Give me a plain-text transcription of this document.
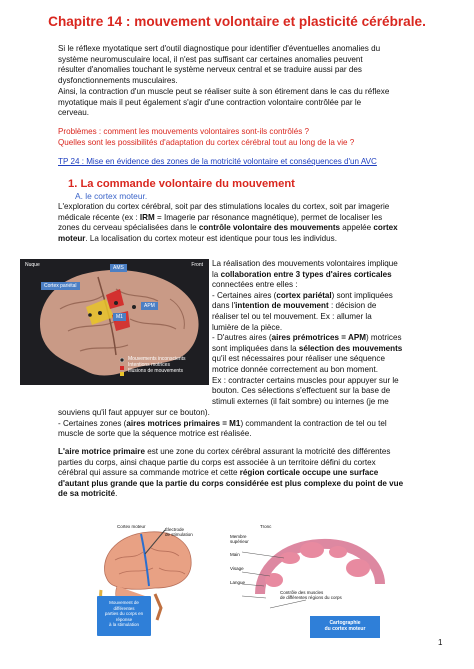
Chapitre 14 : mouvement volontaire et plasticité cérébrale.
Si le réflexe myotatique sert d'outil diagnostique pour identifier d'éventuelles anomalies du
système neuromusculaire local, il n'est pas suffisant car certaines anomalies peuvent
résulter d'anomalies touchant le système nerveux central et se traduire aussi par des
dysfonctionnements musculaires.
Ainsi, la contraction d'un muscle peut se réaliser suite à son étirement dans le cas du réflexe
myotatique mais il peut également s'agir d'une contraction volontaire contrôlée par le
cerveau.
Problèmes : comment les mouvements volontaires sont-ils contrôlés ?
Quelles sont les possibilités d'adaptation du cortex cérébral tout au long de la vie ?
TP 24 : Mise en évidence des zones de la motricité volontaire et conséquences d'un AVC
1. La commande volontaire du mouvement
A. le cortex moteur.
L'exploration du cortex cérébral, soit par des stimulations locales du cortex, soit par imagerie
médicale récente (ex : IRM = Imagerie par résonance magnétique), permet de localiser les
zones du cerveau spécialisées dans le contrôle volontaire des mouvements appelée cortex
moteur. La localisation du cortex moteur est identique pour tous les individus.
Nuque	Front
AMS
Cortex pariétal
M1
APM
Mouvements inconscients
Intentions motrices
Illusions de mouvements
La réalisation des mouvements volontaires implique
la collaboration entre 3 types d'aires corticales
connectées entre elles :
- Certaines aires (cortex pariétal) sont impliquées
dans l'intention de mouvement : décision de
réaliser tel ou tel mouvement. Ex : allumer la
lumière de la pièce.
- D'autres aires (aires prémotrices = APM) motrices
sont impliquées dans la sélection des mouvements
qu'il est nécessaires pour réaliser une séquence
motrice donnée correctement au bon moment.
Ex : contracter certains muscles pour appuyer sur le
bouton. Ces sélections s'effectuent sur la base de
stimuli externes (il fait sombre) ou internes (je me
souviens qu'il faut appuyer sur ce bouton).
- Certaines zones (aires motrices primaires = M1) commandent la contraction de tel ou tel
muscle de sorte que la séquence motrice est réalisée.
L'aire motrice primaire est une zone du cortex cérébral assurant la motricité des différentes
parties du corps, ainsi chaque partie du corps est associée à un territoire défini du cortex
cérébral qui assure sa commande motrice et cette région corticale occupe une surface
d'autant plus grande que la partie du corps considérée est plus complexe du point de vue
de sa motricité.
Cortex moteur
Électrode
de stimulation
Mouvement de différentes
parties du corps en réponse
à la stimulation
Tronc
Membre
supérieur
Main
Visage
Langue
Contrôle des muscles
de différentes régions du corps
Cartographie
du cortex moteur
1
